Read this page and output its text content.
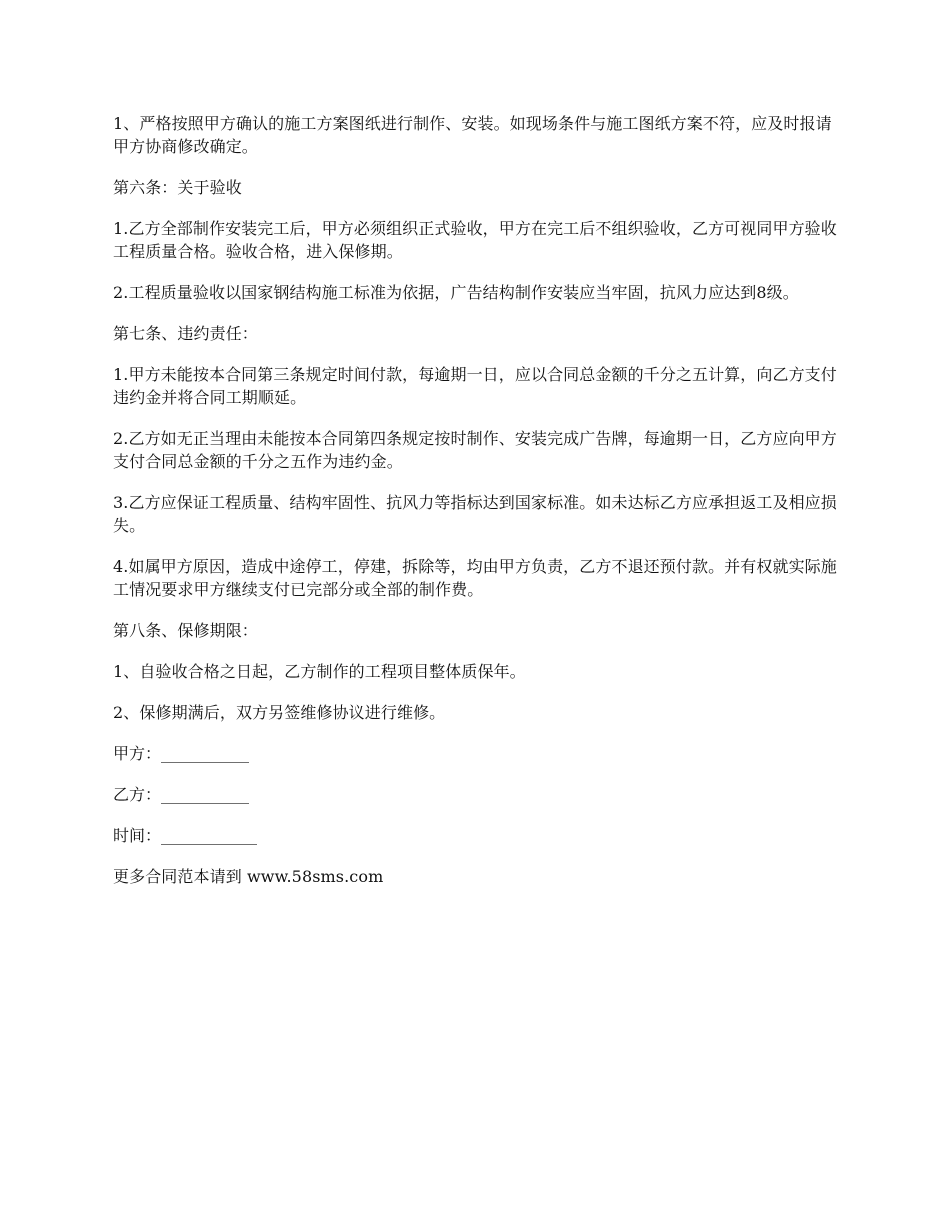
1、严格按照甲方确认的施工方案图纸进行制作、安装。如现场条件与施工图纸方案不符，应及时报请甲方协商修改确定。

第六条：关于验收

1.乙方全部制作安装完工后，甲方必须组织正式验收，甲方在完工后不组织验收，乙方可视同甲方验收工程质量合格。验收合格，进入保修期。

2.工程质量验收以国家钢结构施工标准为依据，广告结构制作安装应当牢固，抗风力应达到8级。

第七条、违约责任：

1.甲方未能按本合同第三条规定时间付款，每逾期一日，应以合同总金额的千分之五计算，向乙方支付违约金并将合同工期顺延。

2.乙方如无正当理由未能按本合同第四条规定按时制作、安装完成广告牌，每逾期一日，乙方应向甲方支付合同总金额的千分之五作为违约金。

3.乙方应保证工程质量、结构牢固性、抗风力等指标达到国家标准。如未达标乙方应承担返工及相应损失。

4.如属甲方原因，造成中途停工，停建，拆除等，均由甲方负责，乙方不退还预付款。并有权就实际施工情况要求甲方继续支付已完部分或全部的制作费。

第八条、保修期限：

1、自验收合格之日起，乙方制作的工程项目整体质保年。

2、保修期满后，双方另签维修协议进行维修。

甲方：___________

乙方：___________

时间：____________

更多合同范本请到 www.58sms.com
